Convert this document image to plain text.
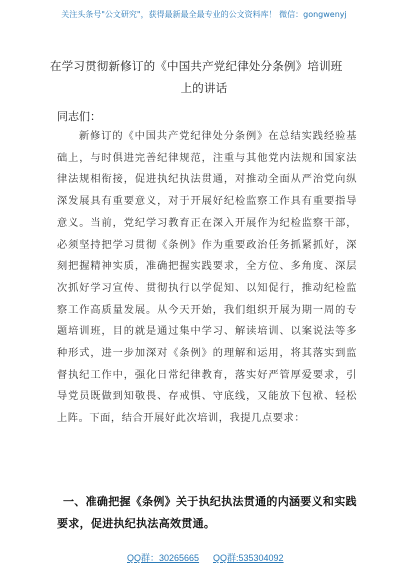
关注头条号"公文研究"，获得最新最全最专业的公文资料库！ 微信：gongwenyj
在学习贯彻新修订的《中国共产党纪律处分条例》培训班
上的讲话
同志们：
新修订的《中国共产党纪律处分条例》在总结实践经验基础上，与时俱进完善纪律规范，注重与其他党内法规和国家法律法规相衔接，促进执纪执法贯通，对推动全面从严治党向纵深发展具有重要意义，对于开展好纪检监察工作具有重要指导意义。当前，党纪学习教育正在深入开展作为纪检监察干部，必须坚持把学习贯彻《条例》作为重要政治任务抓紧抓好，深刻把握精神实质，准确把握实践要求，全方位、多角度、深层次抓好学习宣传、贯彻执行以学促知、以知促行，推动纪检监察工作高质量发展。从今天开始，我们组织开展为期一周的专题培训班，目的就是通过集中学习、解读培训、以案说法等多种形式，进一步加深对《条例》的理解和运用，将其落实到监督执纪工作中，强化日常纪律教育，落实好严管厚爱要求，引导党员既做到知敬畏、存戒惧、守底线，又能放下包袱、轻松上阵。下面，结合开展好此次培训，我提几点要求：
一、准确把握《条例》关于执纪执法贯通的内涵要义和实践要求，促进执纪执法高效贯通。
QQ群：30265665 QQ群:535304092
